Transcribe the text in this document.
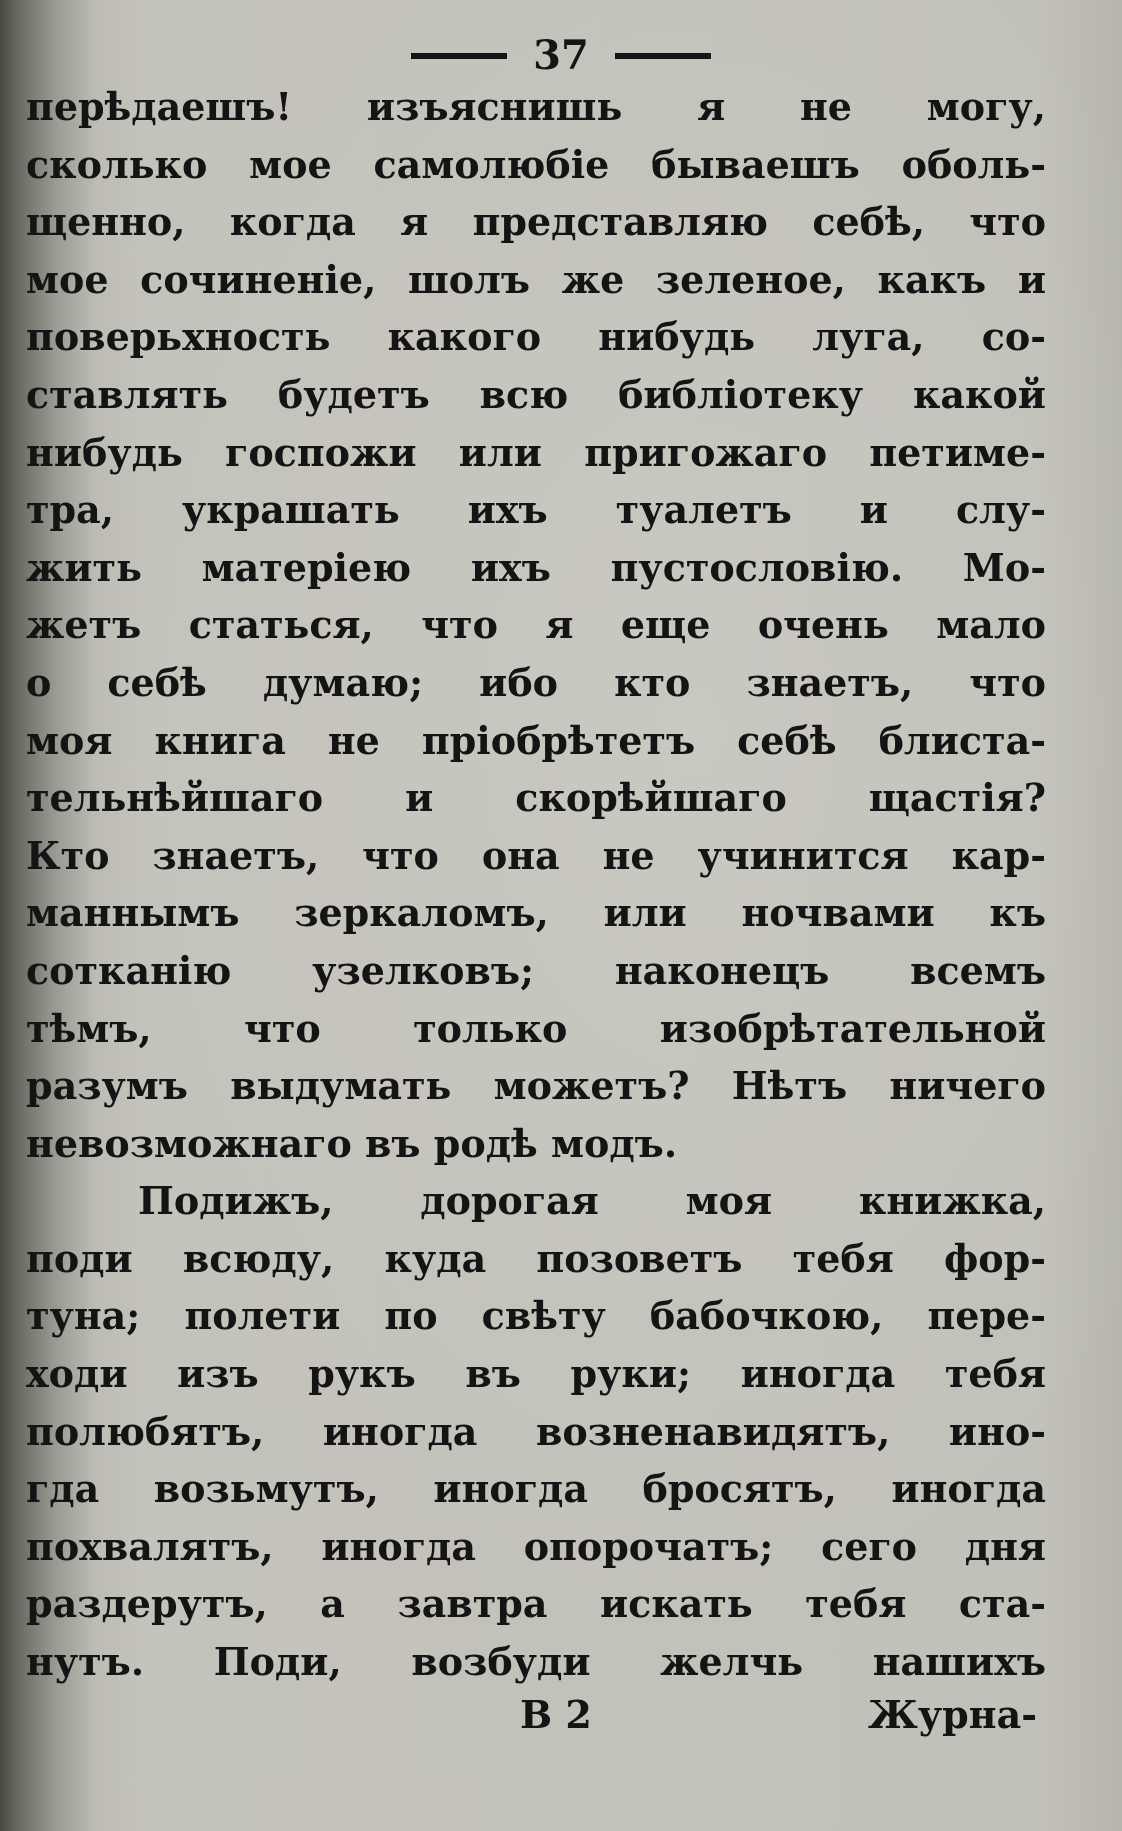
37
перѣдаешъ! изъяснишь я не могу,
сколько мое самолюбіе бываешъ оболь-
щенно, когда я представляю себѣ, что
мое сочиненіе, шолъ же зеленое, какъ и
поверьхность какого нибудь луга, со-
ставлять будетъ всю библіотеку какой
нибудь госпожи или пригожаго петиме-
тра, украшать ихъ туалетъ и слу-
жить матеріею ихъ пустословію. Мо-
жетъ статься, что я еще очень мало
о себѣ думаю; ибо кто знаетъ, что
моя книга не пріобрѣтетъ себѣ блиста-
тельнѣйшаго и скорѣйшаго щастія?
Кто знаетъ, что она не учинится кар-
маннымъ зеркаломъ, или ночвами къ
сотканію узелковъ; наконецъ всемъ
тѣмъ, что только изобрѣтательной
разумъ выдумать можетъ? Нѣтъ ничего
невозможнаго въ родѣ модъ.
Подижъ, дорогая моя книжка,
поди всюду, куда позоветъ тебя фор-
туна; полети по свѣту бабочкою, пере-
ходи изъ рукъ въ руки; иногда тебя
полюбятъ, иногда возненавидятъ, ино-
гда возьмутъ, иногда бросятъ, иногда
похвалятъ, иногда опорочатъ; сего дня
раздерутъ, а завтра искать тебя ста-
нутъ. Поди, возбуди желчь нашихъ
В 2	Журна-
